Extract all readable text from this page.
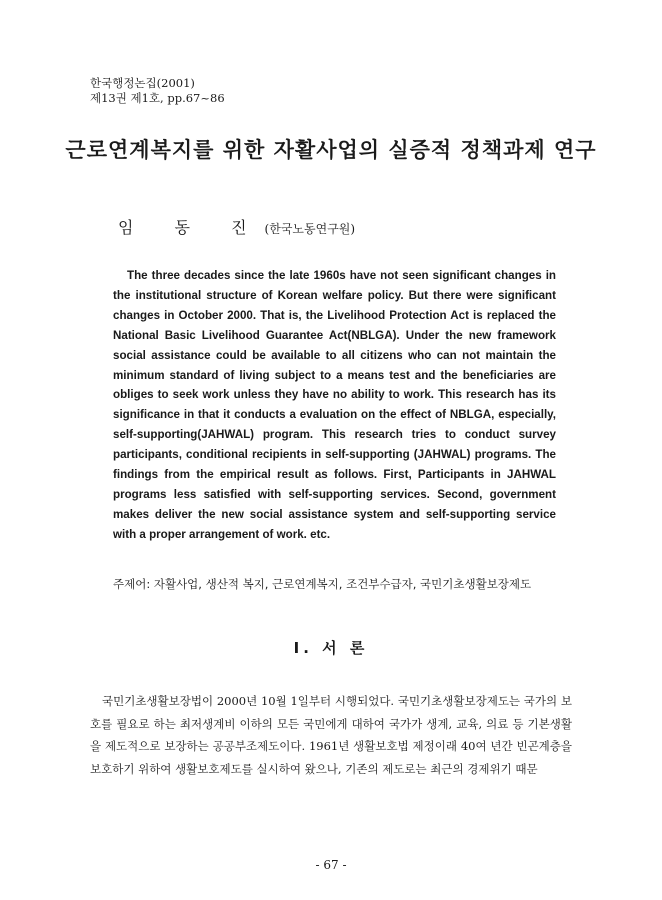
한국행정논집(2001)
제13권 제1호, pp.67~86
근로연계복지를 위한 자활사업의 실증적 정책과제 연구
임 동 진(한국노동연구원)

The three decades since the late 1960s have not seen significant changes in the institutional structure of Korean welfare policy. But there were significant changes in October 2000. That is, the Livelihood Protection Act is replaced the National Basic Livelihood Guarantee Act(NBLGA). Under the new framework social assistance could be available to all citizens who can not maintain the minimum standard of living subject to a means test and the beneficiaries are obliges to seek work unless they have no ability to work. This research has its significance in that it conducts a evaluation on the effect of NBLGA, especially, self-supporting(JAHWAL) program. This research tries to conduct survey participants, conditional recipients in self-supporting (JAHWAL) programs. The findings from the empirical result as follows. First, Participants in JAHWAL programs less satisfied with self-supporting services. Second, government makes deliver the new social assistance system and self-supporting service with a proper arrangement of work. etc.

주제어: 자활사업, 생산적 복지, 근로연계복지, 조건부수급자, 국민기초생활보장제도
I. 서 론

국민기초생활보장법이 2000년 10월 1일부터 시행되었다. 국민기초생활보장제도는 국가의 보호를 필요로 하는 최저생계비 이하의 모든 국민에게 대하여 국가가 생계, 교육, 의료 등 기본생활을 제도적으로 보장하는 공공부조제도이다. 1961년 생활보호법 제정이래 40여 년간 빈곤계층을 보호하기 위하여 생활보호제도를 실시하여 왔으나, 기존의 제도로는 최근의 경제위기 때문

- 67 -
